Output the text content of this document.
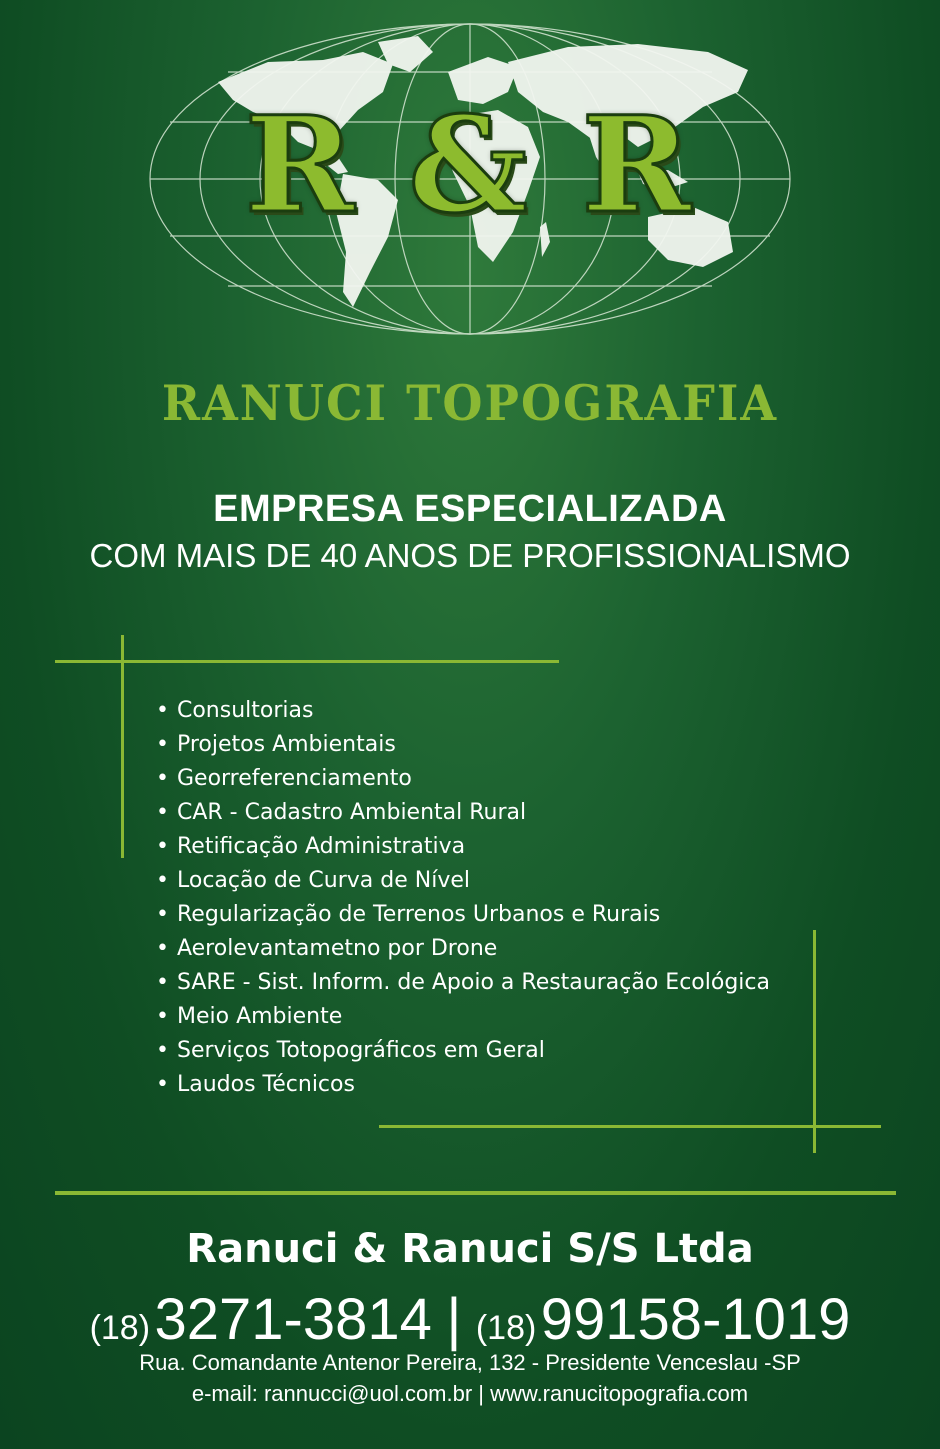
R & R
RANUCI TOPOGRAFIA
EMPRESA ESPECIALIZADA
COM MAIS DE 40 ANOS DE PROFISSIONALISMO
• Consultorias
• Projetos Ambientais
• Georreferenciamento
• CAR - Cadastro Ambiental Rural
• Retificação Administrativa
• Locação de Curva de Nível
• Regularização de Terrenos Urbanos e Rurais
• Aerolevantametno por Drone
• SARE - Sist. Inform. de Apoio a Restauração Ecológica
• Meio Ambiente
• Serviços Totopográficos em Geral
• Laudos Técnicos
Ranuci & Ranuci S/S Ltda
(18) 3271-3814 | (18) 99158-1019
Rua. Comandante Antenor Pereira, 132 - Presidente Venceslau -SP
e-mail: rannucci@uol.com.br | www.ranucitopografia.com
